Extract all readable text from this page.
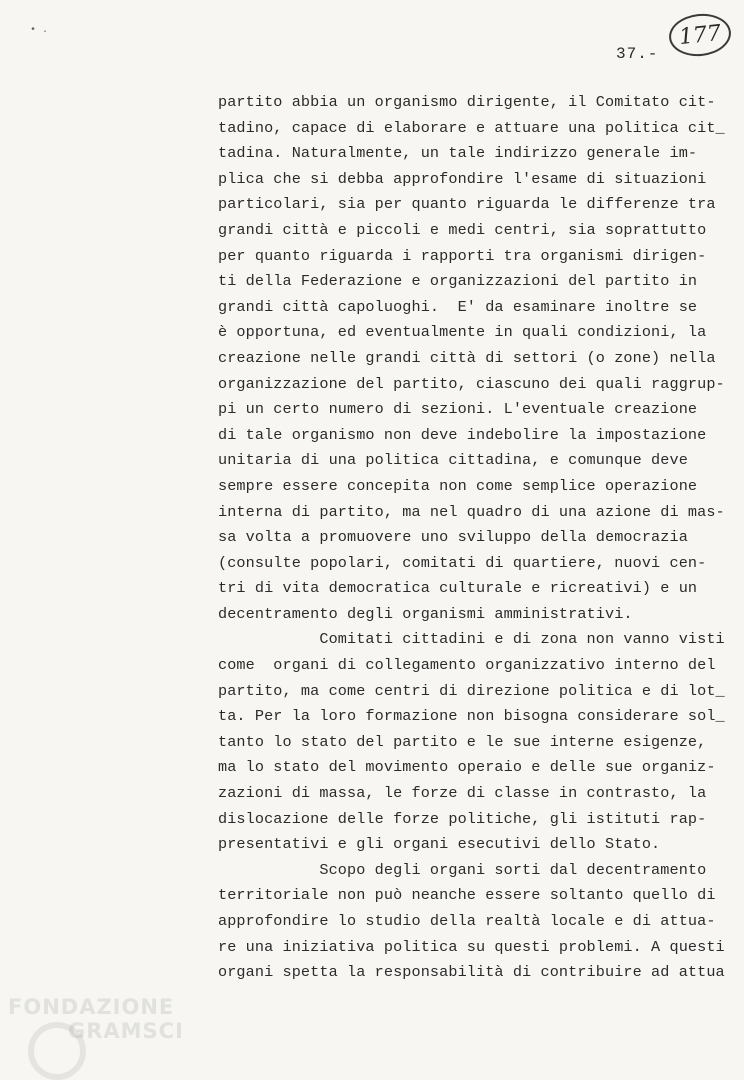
• .	177
37.-
partito abbia un organismo dirigente, il Comitato cit-
tadino, capace di elaborare e attuare una politica cit_
tadina. Naturalmente, un tale indirizzo generale im-
plica che si debba approfondire l'esame di situazioni
particolari, sia per quanto riguarda le differenze tra
grandi città e piccoli e medi centri, sia soprattutto
per quanto riguarda i rapporti tra organismi dirigen-
ti della Federazione e organizzazioni del partito in
grandi città capoluoghi.  E' da esaminare inoltre se
è opportuna, ed eventualmente in quali condizioni, la
creazione nelle grandi città di settori (o zone) nella
organizzazione del partito, ciascuno dei quali raggrup-
pi un certo numero di sezioni. L'eventuale creazione
di tale organismo non deve indebolire la impostazione
unitaria di una politica cittadina, e comunque deve
sempre essere concepita non come semplice operazione
interna di partito, ma nel quadro di una azione di mas-
sa volta a promuovere uno sviluppo della democrazia
(consulte popolari, comitati di quartiere, nuovi cen-
tri di vita democratica culturale e ricreativi) e un
decentramento degli organismi amministrativi.
Comitati cittadini e di zona non vanno visti
come  organi di collegamento organizzativo interno del
partito, ma come centri di direzione politica e di lot_
ta. Per la loro formazione non bisogna considerare sol_
tanto lo stato del partito e le sue interne esigenze,
ma lo stato del movimento operaio e delle sue organiz-
zazioni di massa, le forze di classe in contrasto, la
dislocazione delle forze politiche, gli istituti rap-
presentativi e gli organi esecutivi dello Stato.
Scopo degli organi sorti dal decentramento
territoriale non può neanche essere soltanto quello di
approfondire lo studio della realtà locale e di attua-
re una iniziativa politica su questi problemi. A questi
organi spetta la responsabilità di contribuire ad attua
FONDAZIONE
GRAMSCI
